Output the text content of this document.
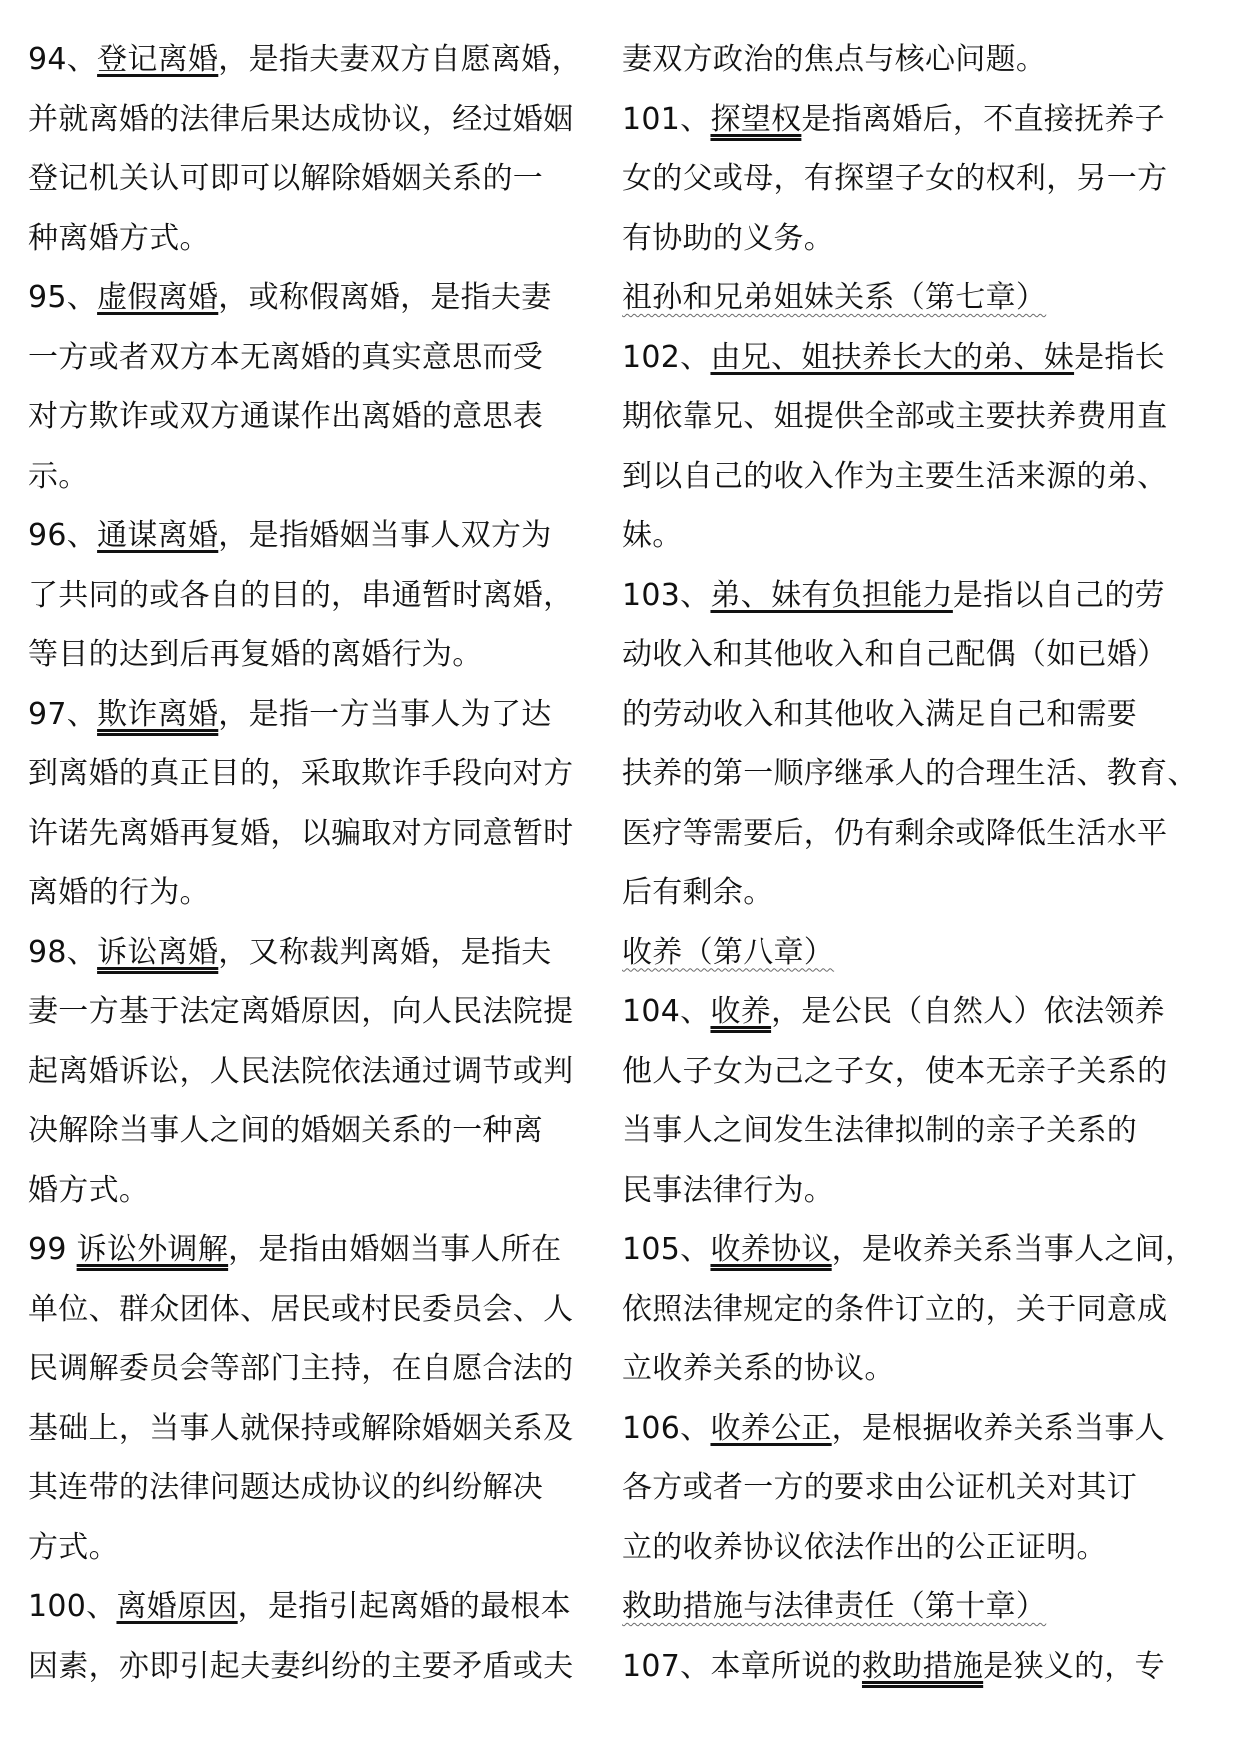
94、登记离婚，是指夫妻双方自愿离婚，
并就离婚的法律后果达成协议，经过婚姻
登记机关认可即可以解除婚姻关系的一
种离婚方式。
95、虚假离婚，或称假离婚，是指夫妻
一方或者双方本无离婚的真实意思而受
对方欺诈或双方通谋作出离婚的意思表
示。
96、通谋离婚，是指婚姻当事人双方为
了共同的或各自的目的，串通暂时离婚，
等目的达到后再复婚的离婚行为。
97、欺诈离婚，是指一方当事人为了达
到离婚的真正目的，采取欺诈手段向对方
许诺先离婚再复婚，以骗取对方同意暂时
离婚的行为。
98、诉讼离婚，又称裁判离婚，是指夫
妻一方基于法定离婚原因，向人民法院提
起离婚诉讼，人民法院依法通过调节或判
决解除当事人之间的婚姻关系的一种离
婚方式。
99 诉讼外调解，是指由婚姻当事人所在
单位、群众团体、居民或村民委员会、人
民调解委员会等部门主持，在自愿合法的
基础上，当事人就保持或解除婚姻关系及
其连带的法律问题达成协议的纠纷解决
方式。
100、离婚原因，是指引起离婚的最根本
因素，亦即引起夫妻纠纷的主要矛盾或夫
妻双方政治的焦点与核心问题。
101、探望权是指离婚后，不直接抚养子
女的父或母，有探望子女的权利，另一方
有协助的义务。
祖孙和兄弟姐妹关系（第七章）
102、由兄、姐扶养长大的弟、妹是指长
期依靠兄、姐提供全部或主要扶养费用直
到以自己的收入作为主要生活来源的弟、
妹。
103、弟、妹有负担能力是指以自己的劳
动收入和其他收入和自己配偶（如已婚）
的劳动收入和其他收入满足自己和需要
扶养的第一顺序继承人的合理生活、教育、
医疗等需要后，仍有剩余或降低生活水平
后有剩余。
收养（第八章）
104、收养，是公民（自然人）依法领养
他人子女为己之子女，使本无亲子关系的
当事人之间发生法律拟制的亲子关系的
民事法律行为。
105、收养协议，是收养关系当事人之间，
依照法律规定的条件订立的，关于同意成
立收养关系的协议。
106、收养公正，是根据收养关系当事人
各方或者一方的要求由公证机关对其订
立的收养协议依法作出的公正证明。
救助措施与法律责任（第十章）
107、本章所说的救助措施是狭义的，专
